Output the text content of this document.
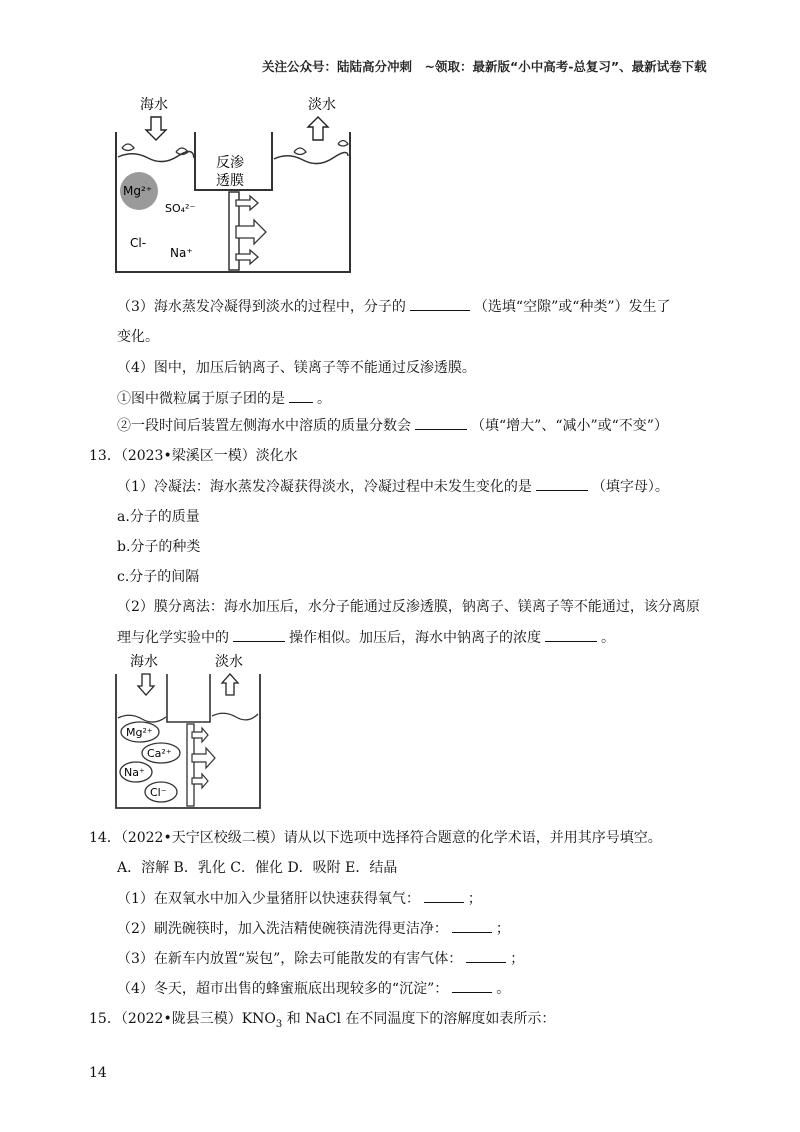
关注公众号：陆陆高分冲刺　~领取：最新版“小中高考-总复习”、最新试卷下载
海水	淡水
反渗
透膜
Mg²⁺
SO₄²⁻
Cl-
Na⁺
（3）海水蒸发冷凝得到淡水的过程中，分子的	（选填“空隙”或“种类”）发生了
变化。
（4）图中，加压后钠离子、镁离子等不能通过反渗透膜。
①图中微粒属于原子团的是 。
②一段时间后装置左侧海水中溶质的质量分数会	（填“增大”、“减小”或“不变”）
13．（2023•梁溪区一模）淡化水
（1）冷凝法：海水蒸发冷凝获得淡水，冷凝过程中未发生变化的是	（填字母）。
a.分子的质量
b.分子的种类
c.分子的间隔
（2）膜分离法：海水加压后，水分子能通过反渗透膜，钠离子、镁离子等不能通过，该分离原
理与化学实验中的	操作相似。加压后，海水中钠离子的浓度	。
海水	淡水
Mg²⁺
Ca²⁺
Na⁺
Cl⁻
14．（2022•天宁区校级二模）请从以下选项中选择符合题意的化学术语，并用其序号填空。
A．溶解 B．乳化 C．催化 D．吸附 E．结晶
（1）在双氧水中加入少量猪肝以快速获得氧气：	；
（2）刷洗碗筷时，加入洗洁精使碗筷清洗得更洁净：	；
（3）在新车内放置“炭包”，除去可能散发的有害气体：	；
（4）冬天，超市出售的蜂蜜瓶底出现较多的“沉淀”：	。
15．（2022•陇县三模）$KNO_3$ 和 NaCl 在不同温度下的溶解度如表所示：
14
